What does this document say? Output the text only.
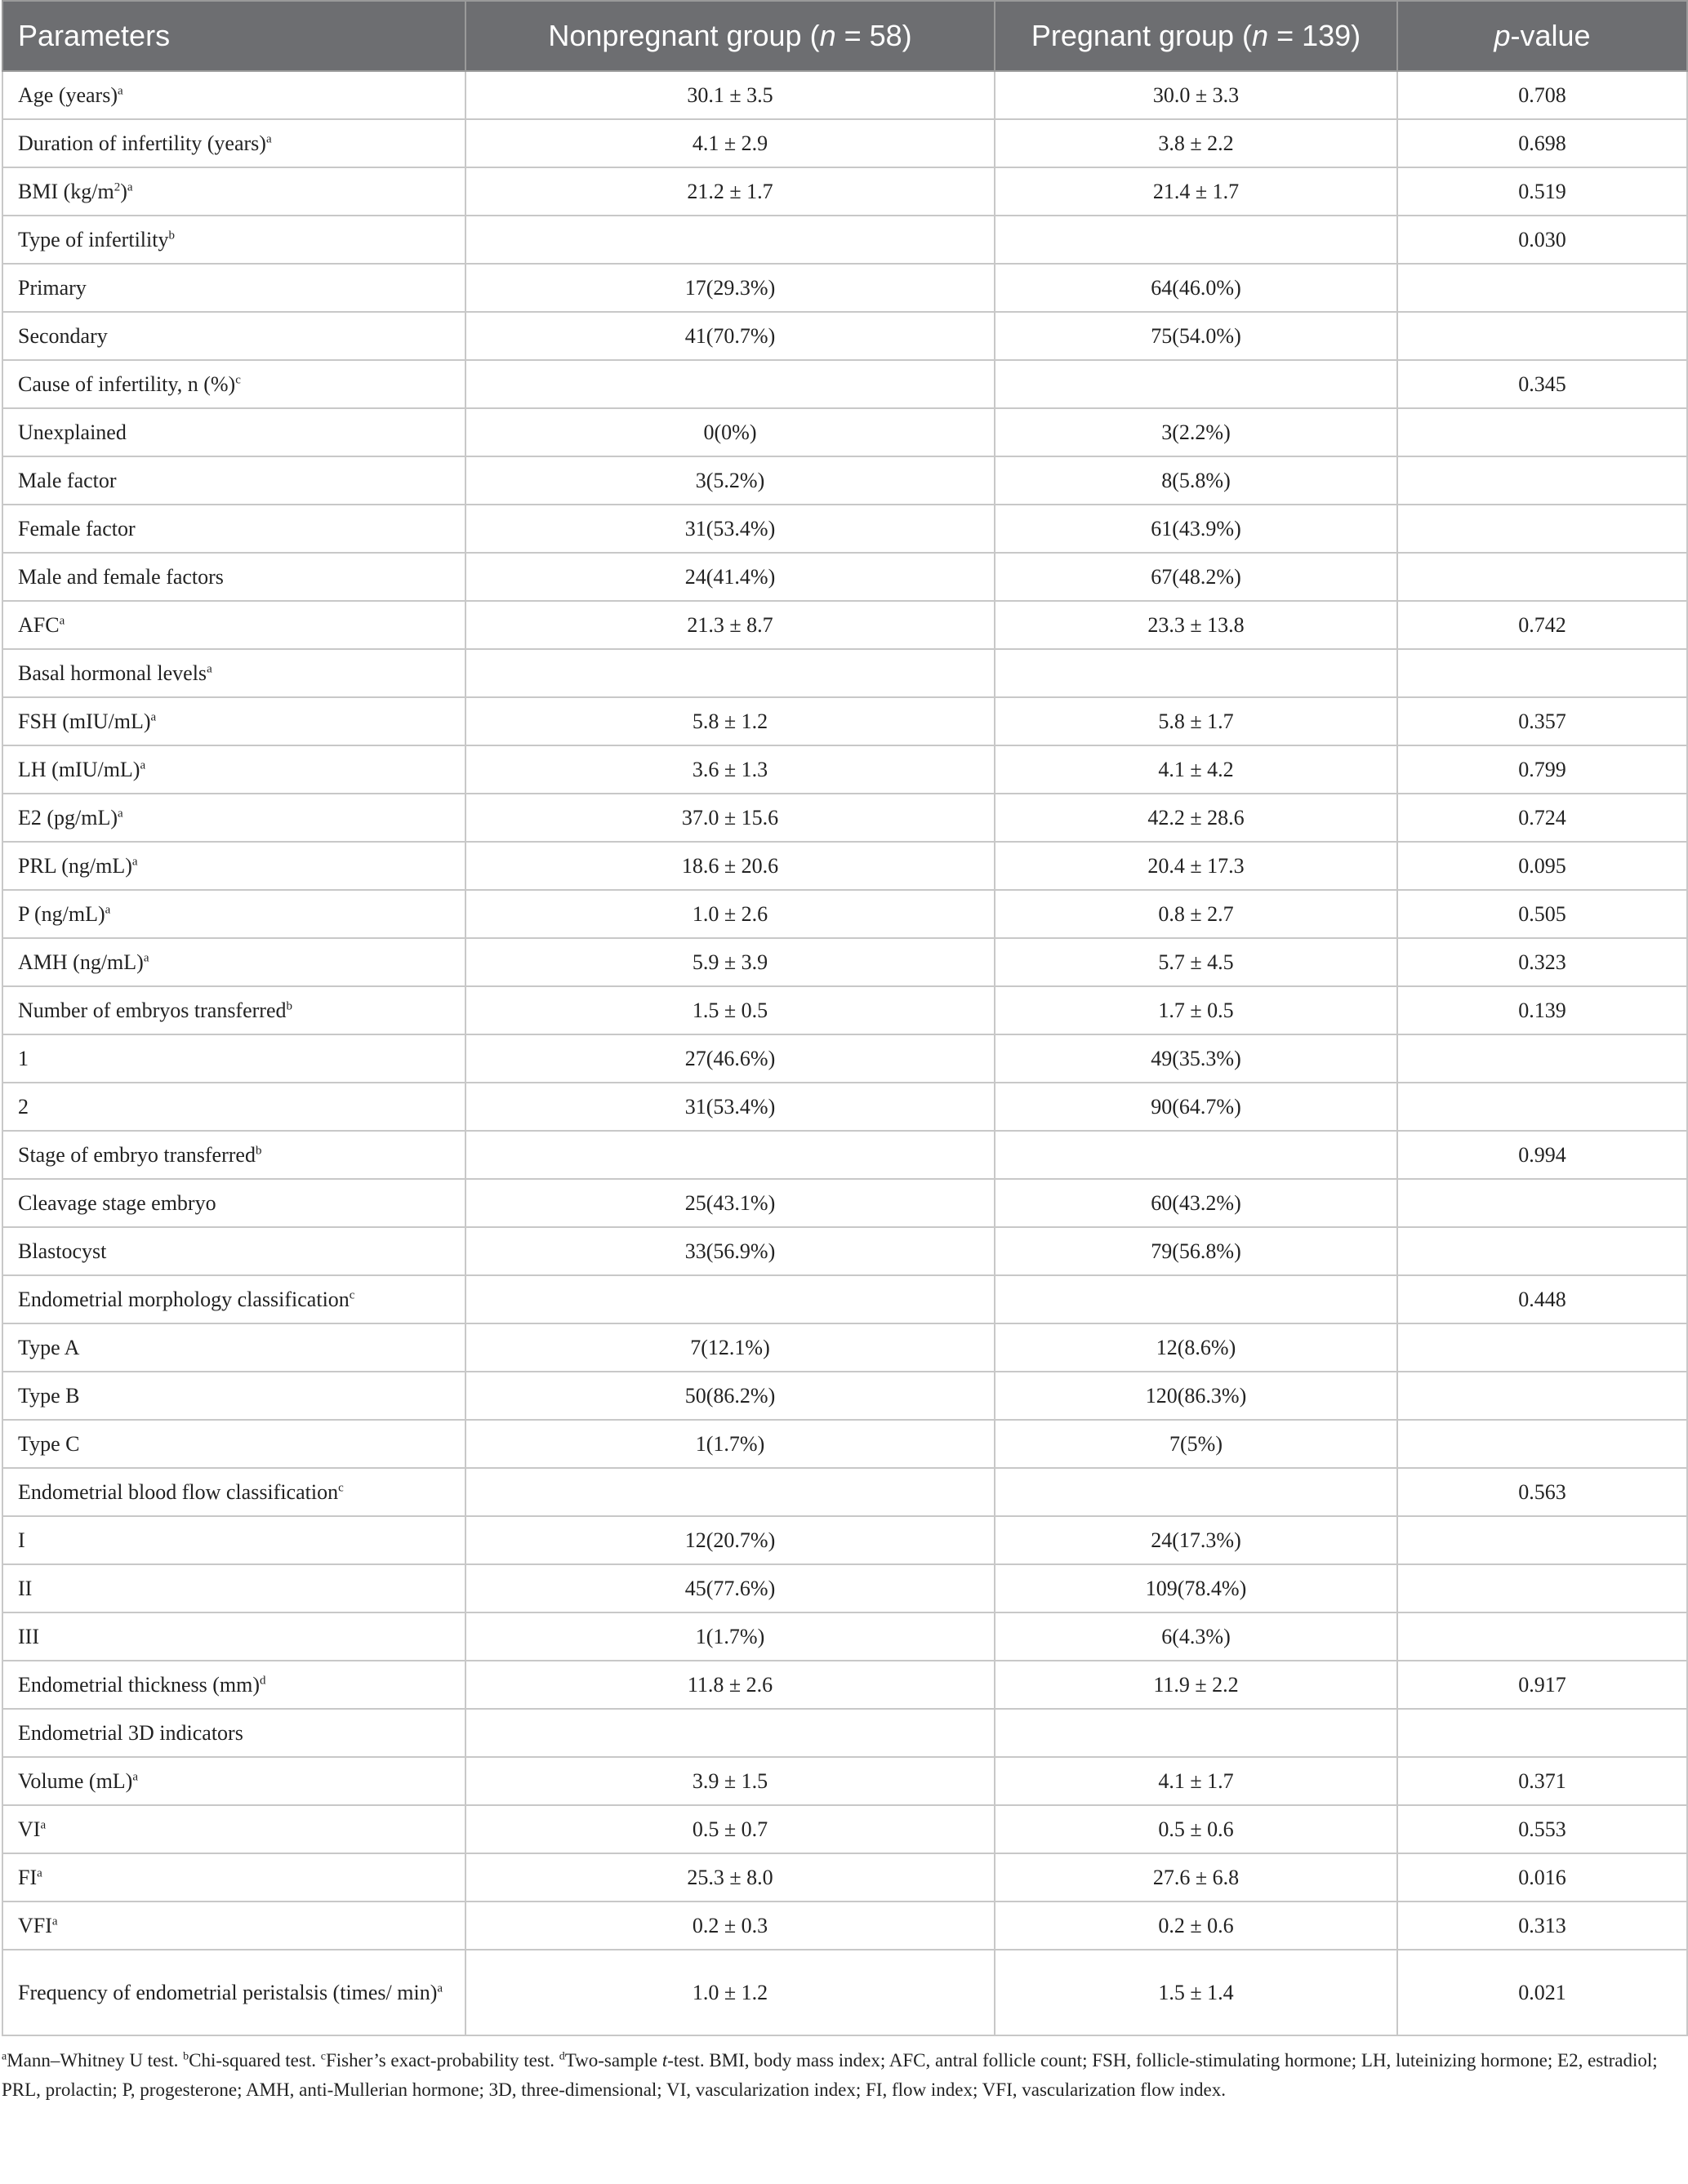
Parameters	Nonpregnant group (n = 58)	Pregnant group (n = 139)	p-value
Age (years)$^a$	30.1 ± 3.5	30.0 ± 3.3	0.708
Duration of infertility (years)$^a$	4.1 ± 2.9	3.8 ± 2.2	0.698
BMI $(kg/m^2)^a$	21.2 ± 1.7	21.4 ± 1.7	0.519
Type of infertility$^b$			0.030
Primary	17(29.3%)	64(46.0%)	
Secondary	41(70.7%)	75(54.0%)	
Cause of infertility, n (%)$^c$			0.345
Unexplained	0(0%)	3(2.2%)	
Male factor	3(5.2%)	8(5.8%)	
Female factor	31(53.4%)	61(43.9%)	
Male and female factors	24(41.4%)	67(48.2%)	
AFC$^a$	21.3 ± 8.7	23.3 ± 13.8	0.742
Basal hormonal levels$^a$			
FSH $(mIU/mL)^a$	5.8 ± 1.2	5.8 ± 1.7	0.357
LH $(mIU/mL)^a$	3.6 ± 1.3	4.1 ± 4.2	0.799
E2 $(pg/mL)^a$	37.0 ± 15.6	42.2 ± 28.6	0.724
PRL $(ng/mL)^a$	18.6 ± 20.6	20.4 ± 17.3	0.095
P $(ng/mL)^a$	1.0 ± 2.6	0.8 ± 2.7	0.505
AMH $(ng/mL)^a$	5.9 ± 3.9	5.7 ± 4.5	0.323
Number of embryos transferred$^b$	1.5 ± 0.5	1.7 ± 0.5	0.139
1	27(46.6%)	49(35.3%)	
2	31(53.4%)	90(64.7%)	
Stage of embryo transferred$^b$			0.994
Cleavage stage embryo	25(43.1%)	60(43.2%)	
Blastocyst	33(56.9%)	79(56.8%)	
Endometrial morphology classification$^c$			0.448
Type A	7(12.1%)	12(8.6%)	
Type B	50(86.2%)	120(86.3%)	
Type C	1(1.7%)	7(5%)	
Endometrial blood flow classification$^c$			0.563
I	12(20.7%)	24(17.3%)	
II	45(77.6%)	109(78.4%)	
III	1(1.7%)	6(4.3%)	
Endometrial thickness (mm)$^d$	11.8 ± 2.6	11.9 ± 2.2	0.917
Endometrial 3D indicators			
Volume (mL)$^a$	3.9 ± 1.5	4.1 ± 1.7	0.371
$VI^a$	0.5 ± 0.7	0.5 ± 0.6	0.553
$FI^a$	25.3 ± 8.0	27.6 ± 6.8	0.016
VFI$^a$	0.2 ± 0.3	0.2 ± 0.6	0.313
Frequency of endometrial peristalsis (times/ min)$^a$	1.0 ± 1.2	1.5 ± 1.4	0.021
$^a$Mann–Whitney U test. $^b$Chi-squared test. $^c$Fisher’s exact-probability test. $^d$Two-sample t-test. BMI, body mass index; AFC, antral follicle count; FSH, follicle-stimulating hormone; LH, luteinizing hormone; E2, estradiol; PRL, prolactin; P, progesterone; AMH, anti-Mullerian hormone; 3D, three-dimensional; VI, vascularization index; FI, flow index; VFI, vascularization flow index.
